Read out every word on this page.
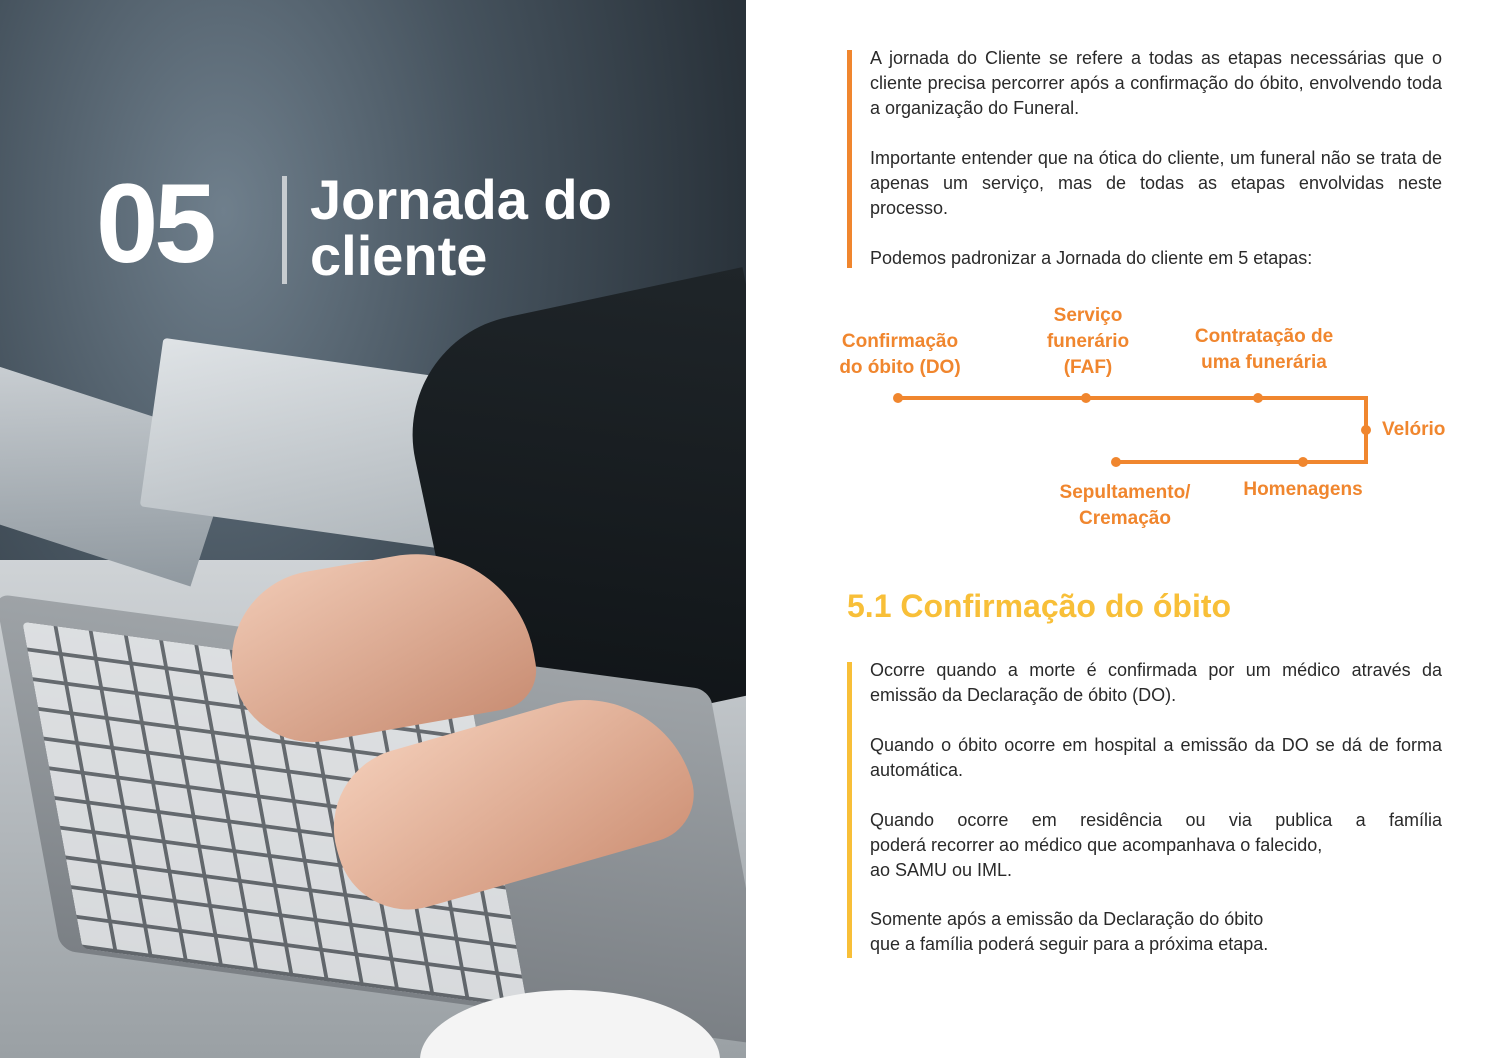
05 Jornada do
cliente

A jornada do Cliente se refere a todas as etapas necessárias que o cliente precisa percorrer após a confirmação do óbito, envolvendo toda a organização do Funeral.

Importante entender que na ótica do cliente, um funeral não se trata de apenas um serviço, mas de todas as etapas envolvidas neste processo.

Podemos padronizar a Jornada do cliente em 5 etapas:

Confirmação
do óbito (DO)
Serviço
funerário
(FAF)
Contratação de
uma funerária
Velório
Homenagens
Sepultamento/
Cremação
5.1 Confirmação do óbito

Ocorre quando a morte é confirmada por um médico através da emissão da Declaração de óbito (DO).

Quando o óbito ocorre em hospital a emissão da DO se dá de forma automática.

Quando ocorre em residência ou via publica a família
poderá recorrer ao médico que acompanhava o falecido,
ao SAMU ou IML.
Somente após a emissão da Declaração do óbito
que a família poderá seguir para a próxima etapa.
